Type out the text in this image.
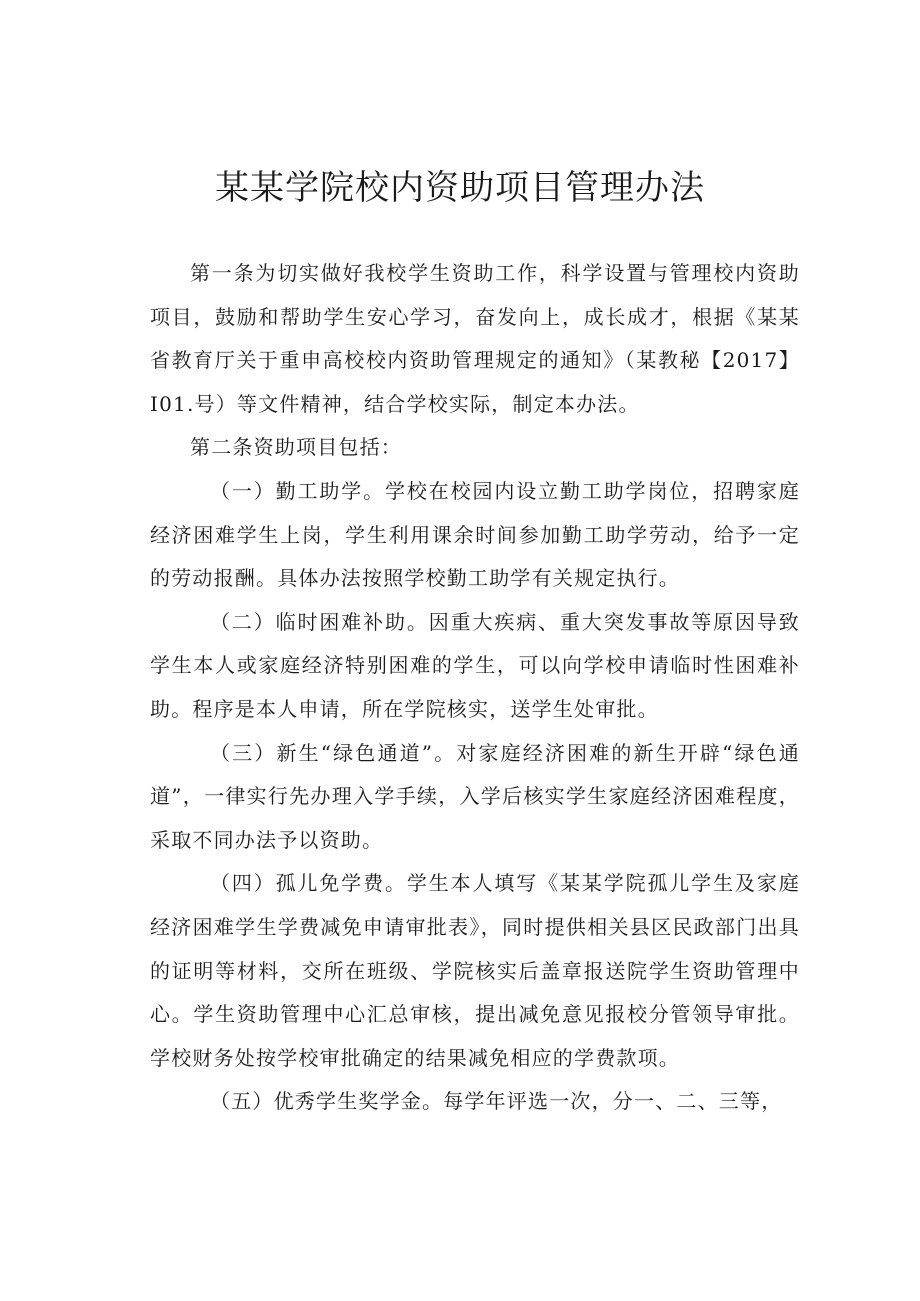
某某学院校内资助项目管理办法

第一条为切实做好我校学生资助工作，科学设置与管理校内资助项目，鼓励和帮助学生安心学习，奋发向上，成长成才，根据《某某省教育厅关于重申高校校内资助管理规定的通知》（某教秘【2017】I01.号）等文件精神，结合学校实际，制定本办法。

第二条资助项目包括：

（一）勤工助学。学校在校园内设立勤工助学岗位，招聘家庭经济困难学生上岗，学生利用课余时间参加勤工助学劳动，给予一定的劳动报酬。具体办法按照学校勤工助学有关规定执行。

（二）临时困难补助。因重大疾病、重大突发事故等原因导致学生本人或家庭经济特别困难的学生，可以向学校申请临时性困难补助。程序是本人申请，所在学院核实，送学生处审批。

（三）新生“绿色通道”。对家庭经济困难的新生开辟“绿色通道”，一律实行先办理入学手续，入学后核实学生家庭经济困难程度，采取不同办法予以资助。

（四）孤儿免学费。学生本人填写《某某学院孤儿学生及家庭经济困难学生学费减免申请审批表》，同时提供相关县区民政部门出具的证明等材料，交所在班级、学院核实后盖章报送院学生资助管理中心。学生资助管理中心汇总审核，提出减免意见报校分管领导审批。学校财务处按学校审批确定的结果减免相应的学费款项。

（五）优秀学生奖学金。每学年评选一次，分一、二、三等，
